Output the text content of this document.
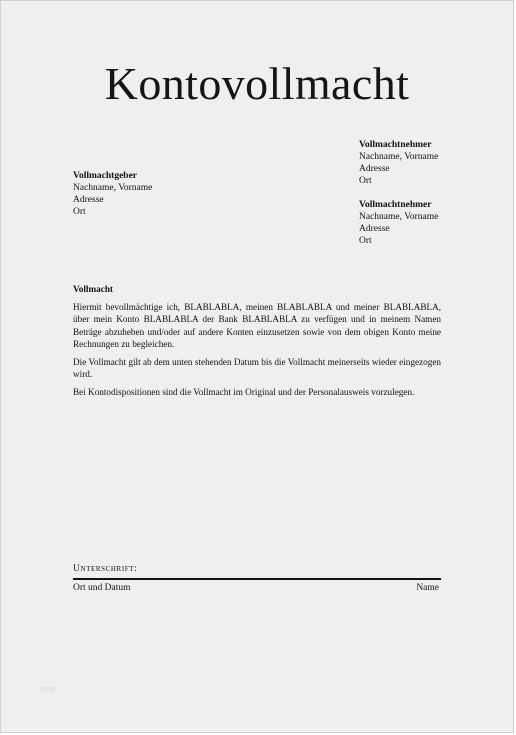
Kontovollmacht
Vollmachtnehmer
Nachname, Vorname
Adresse
Ort
Vollmachtnehmer
Nachname, Vorname
Adresse
Ort
Vollmachtgeber
Nachname, Vorname
Adresse
Ort
Vollmacht

Hiermit bevollmächtige ich, BLABLABLA, meinen BLABLABLA und meiner BLABLABLA, über mein Konto BLABLABLA der Bank BLABLABLA zu verfügen und in meinem Namen Beträge abzuheben und/oder auf andere Konten einzusetzen sowie von dem obigen Konto meine Rechnungen zu begleichen.

Die Vollmacht gilt ab dem unten stehenden Datum bis die Vollmacht meinerseits wieder eingezogen wird.

Bei Kontodispositionen sind die Vollmacht im Original und der Personalausweis vorzulegen.

Unterschrift:
Ort und Datum	Name
http
